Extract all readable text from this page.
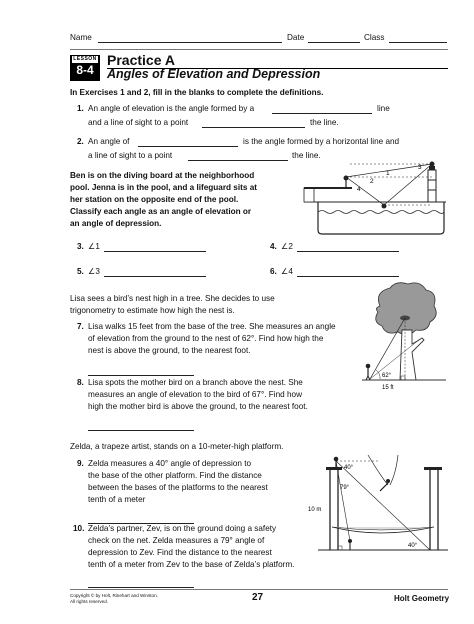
Name	Date	Class
LESSON
8-4
Practice A
Angles of Elevation and Depression
In Exercises 1 and 2, fill in the blanks to complete the definitions.
1. An angle of elevation is the angle formed by a	line
and a line of sight to a point	the line.
2. An angle of	is the angle formed by a horizontal line and
a line of sight to a point	the line.
Ben is on the diving board at the neighborhood
pool. Jenna is in the pool, and a lifeguard sits at
her station on the opposite end of the pool.
Classify each angle as an angle of elevation or
an angle of depression.
1
2
3
4
3. ∠1	4. ∠2
5. ∠3	6. ∠4
Lisa sees a bird’s nest high in a tree. She decides to use
trigonometry to estimate how high the nest is.
7. Lisa walks 15 feet from the base of the tree. She measures an angle
of elevation from the ground to the nest of 62°. Find how high the
nest is above the ground, to the nearest foot.
8. Lisa spots the mother bird on a branch above the nest. She
measures an angle of elevation to the bird of 67°. Find how
high the mother bird is above the ground, to the nearest foot.
62°
15 ft
Zelda, a trapeze artist, stands on a 10-meter-high platform.
9. Zelda measures a 40° angle of depression to
the base of the other platform. Find the distance
between the bases of the platforms to the nearest
tenth of a meter
10. Zelda’s partner, Zev, is on the ground doing a safety
check on the net. Zelda measures a 79° angle of
depression to Zev. Find the distance to the nearest
tenth of a meter from Zev to the base of Zelda’s platform.
40°
79°
10 m
40°
Copyright © by Holt, Rinehart and Winston.
All rights reserved.	27	Holt Geometry
